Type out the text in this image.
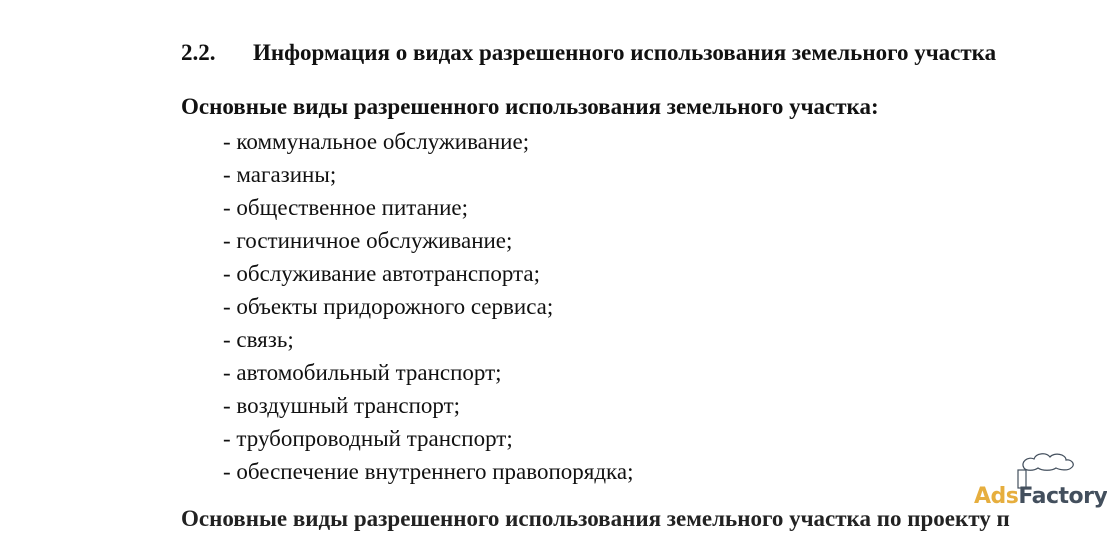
2.2. Информация о видах разрешенного использования земельного участка
Основные виды разрешенного использования земельного участка:
- коммунальное обслуживание;
- магазины;
- общественное питание;
- гостиничное обслуживание;
- обслуживание автотранспорта;
- объекты придорожного сервиса;
- связь;
- автомобильный транспорт;
- воздушный транспорт;
- трубопроводный транспорт;
- обеспечение внутреннего правопорядка;
Основные виды разрешенного использования земельного участка по проекту п
AdsFactory
